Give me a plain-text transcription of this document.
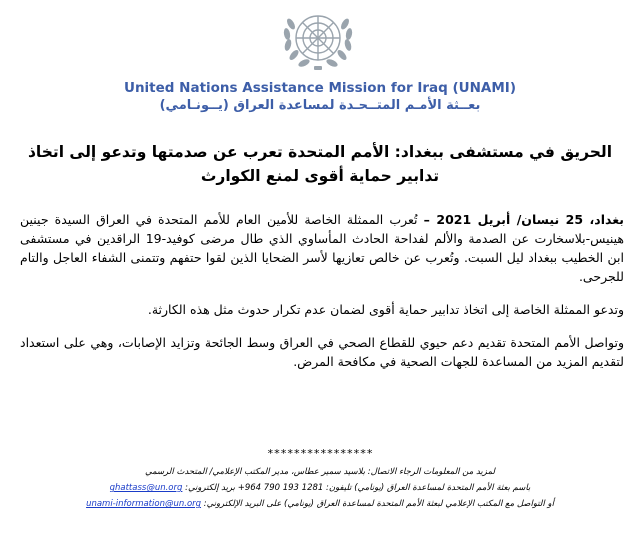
United Nations Assistance Mission for Iraq (UNAMI)
بعــثة الأمـم المتــحـدة لمساعدة العراق (يــونـامي)
الحريق في مستشفى ببغداد: الأمم المتحدة تعرب عن صدمتها وتدعو إلى اتخاذ تدابير حماية أقوى لمنع الكوارث

بغداد، 25 نيسان/ أبريل 2021 – تُعرب الممثلة الخاصة للأمين العام للأمم المتحدة في العراق السيدة جينين هينيس-بلاسخارت عن الصدمة والألم لفداحة الحادث المأساوي الذي طال مرضى كوفيد-19 الراقدين في مستشفى ابن الخطيب ببغداد ليل السبت. وتُعرب عن خالص تعازيها لأسر الضحايا الذين لقوا حتفهم وتتمنى الشفاء العاجل والتام للجرحى.

وتدعو الممثلة الخاصة إلى اتخاذ تدابير حماية أقوى لضمان عدم تكرار حدوث مثل هذه الكارثة.

وتواصل الأمم المتحدة تقديم دعم حيوي للقطاع الصحي في العراق وسط الجائحة وتزايد الإصابات، وهي على استعداد لتقديم المزيد من المساعدة للجهات الصحية في مكافحة المرض.

****************
لمزيد من المعلومات الرجاء الاتصال: بلاسيد سمير عطاس، مدير المكتب الإعلامي/ المتحدث الرسمي
باسم بعثة الأمم المتحدة لمساعدة العراق (يونامي) تليفون: 1281 193 790 964+ بريد إلكتروني: ghattass@un.org
أو التواصل مع المكتب الإعلامي لبعثة الأمم المتحدة لمساعدة العراق (يونامي) على البريد الإلكتروني: unami-information@un.org
